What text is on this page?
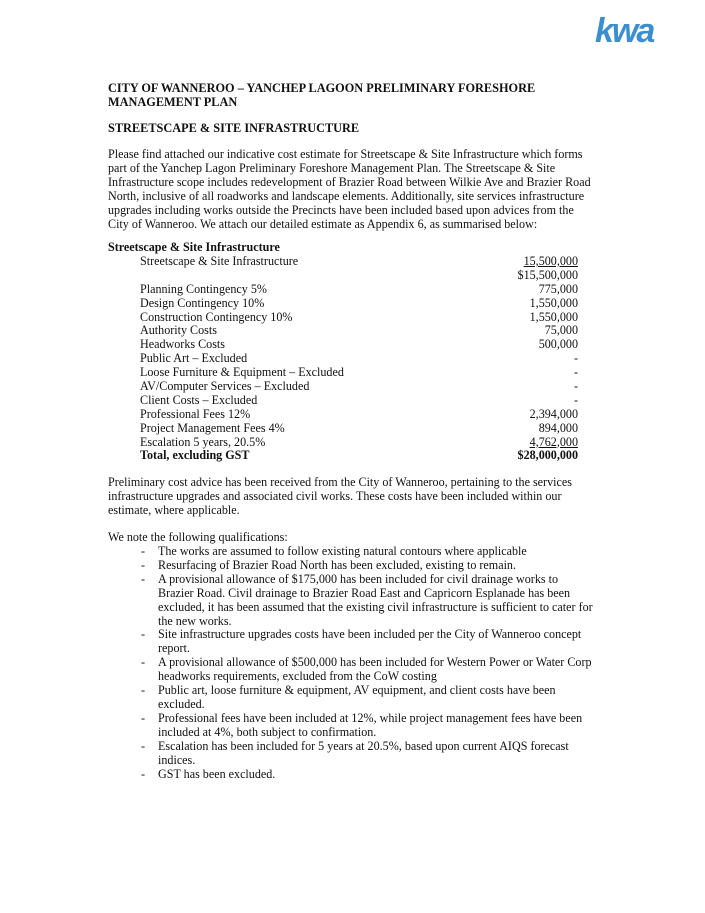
kwa
CITY OF WANNEROO – YANCHEP LAGOON PRELIMINARY FORESHORE
MANAGEMENT PLAN
STREETSCAPE & SITE INFRASTRUCTURE
Please find attached our indicative cost estimate for Streetscape & Site Infrastructure which forms part of the Yanchep Lagon Preliminary Foreshore Management Plan. The Streetscape & Site Infrastructure scope includes redevelopment of Brazier Road between Wilkie Ave and Brazier Road North, inclusive of all roadworks and landscape elements. Additionally, site services infrastructure upgrades including works outside the Precincts have been included based upon advices from the City of Wanneroo. We attach our detailed estimate as Appendix 6, as summarised below:
Streetscape & Site Infrastructure
Streetscape & Site Infrastructure	15,500,000
$15,500,000
Planning Contingency 5%	775,000
Design Contingency 10%	1,550,000
Construction Contingency 10%	1,550,000
Authority Costs	75,000
Headworks Costs	500,000
Public Art – Excluded	-
Loose Furniture & Equipment – Excluded	-
AV/Computer Services – Excluded	-
Client Costs – Excluded	-
Professional Fees 12%	2,394,000
Project Management Fees 4%	894,000
Escalation 5 years, 20.5%	4,762,000
Total, excluding GST	$28,000,000
Preliminary cost advice has been received from the City of Wanneroo, pertaining to the services infrastructure upgrades and associated civil works. These costs have been included within our estimate, where applicable.
We note the following qualifications:
- The works are assumed to follow existing natural contours where applicable
- Resurfacing of Brazier Road North has been excluded, existing to remain.
- A provisional allowance of $175,000 has been included for civil drainage works to Brazier Road. Civil drainage to Brazier Road East and Capricorn Esplanade has been excluded, it has been assumed that the existing civil infrastructure is sufficient to cater for the new works.
- Site infrastructure upgrades costs have been included per the City of Wanneroo concept report.
- A provisional allowance of $500,000 has been included for Western Power or Water Corp headworks requirements, excluded from the CoW costing
- Public art, loose furniture & equipment, AV equipment, and client costs have been excluded.
- Professional fees have been included at 12%, while project management fees have been included at 4%, both subject to confirmation.
- Escalation has been included for 5 years at 20.5%, based upon current AIQS forecast indices.
- GST has been excluded.
